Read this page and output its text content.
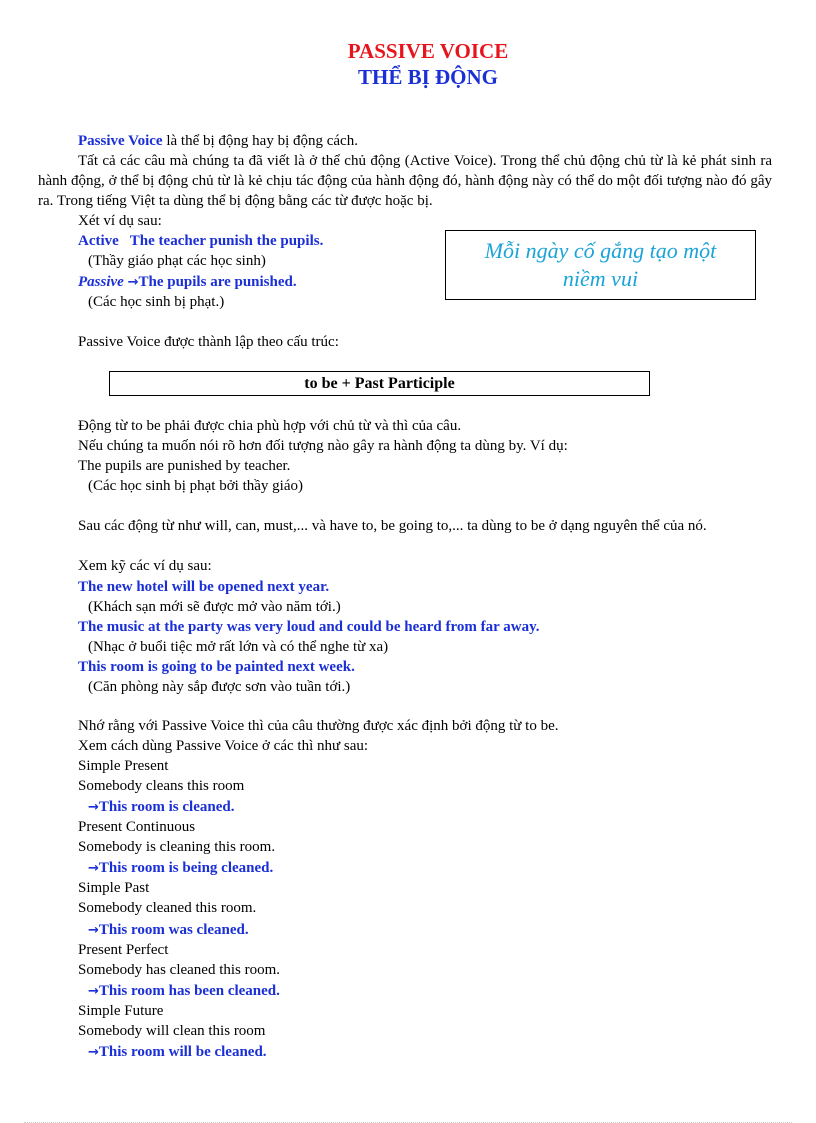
PASSIVE VOICE
THỂ BỊ ĐỘNG
Passive Voice là thể bị động hay bị động cách.
Tất cả các câu mà chúng ta đã viết là ở thể chủ động (Active Voice). Trong thể chủ động chủ từ là kẻ phát sinh ra hành động, ở thể bị động chủ từ là kẻ chịu tác động của hành động đó, hành động này có thể do một đối tượng nào đó gây ra. Trong tiếng Việt ta dùng thể bị động bằng các từ được hoặc bị.
Xét ví dụ sau:
Active The teacher punish the pupils.
(Thầy giáo phạt các học sinh)
Passive →The pupils are punished.
(Các học sinh bị phạt.)
Mỗi ngày cố gắng tạo một niềm vui
Passive Voice được thành lập theo cấu trúc:
to be + Past Participle
Động từ to be phải được chia phù hợp với chủ từ và thì của câu.
Nếu chúng ta muốn nói rõ hơn đối tượng nào gây ra hành động ta dùng by. Ví dụ:
The pupils are punished by teacher.
(Các học sinh bị phạt bởi thầy giáo)
Sau các động từ như will, can, must,... và have to, be going to,... ta dùng to be ở dạng nguyên thể của nó.
Xem kỹ các ví dụ sau:
The new hotel will be opened next year.
(Khách sạn mới sẽ được mở vào năm tới.)
The music at the party was very loud and could be heard from far away.
(Nhạc ở buổi tiệc mở rất lớn và có thể nghe từ xa)
This room is going to be painted next week.
(Căn phòng này sắp được sơn vào tuần tới.)
Nhớ rằng với Passive Voice thì của câu thường được xác định bởi động từ to be.
Xem cách dùng Passive Voice ở các thì như sau:
Simple Present
Somebody cleans this room
→This room is cleaned.
Present Continuous
Somebody is cleaning this room.
→This room is being cleaned.
Simple Past
Somebody cleaned this room.
→This room was cleaned.
Present Perfect
Somebody has cleaned this room.
→This room has been cleaned.
Simple Future
Somebody will clean this room
→This room will be cleaned.
